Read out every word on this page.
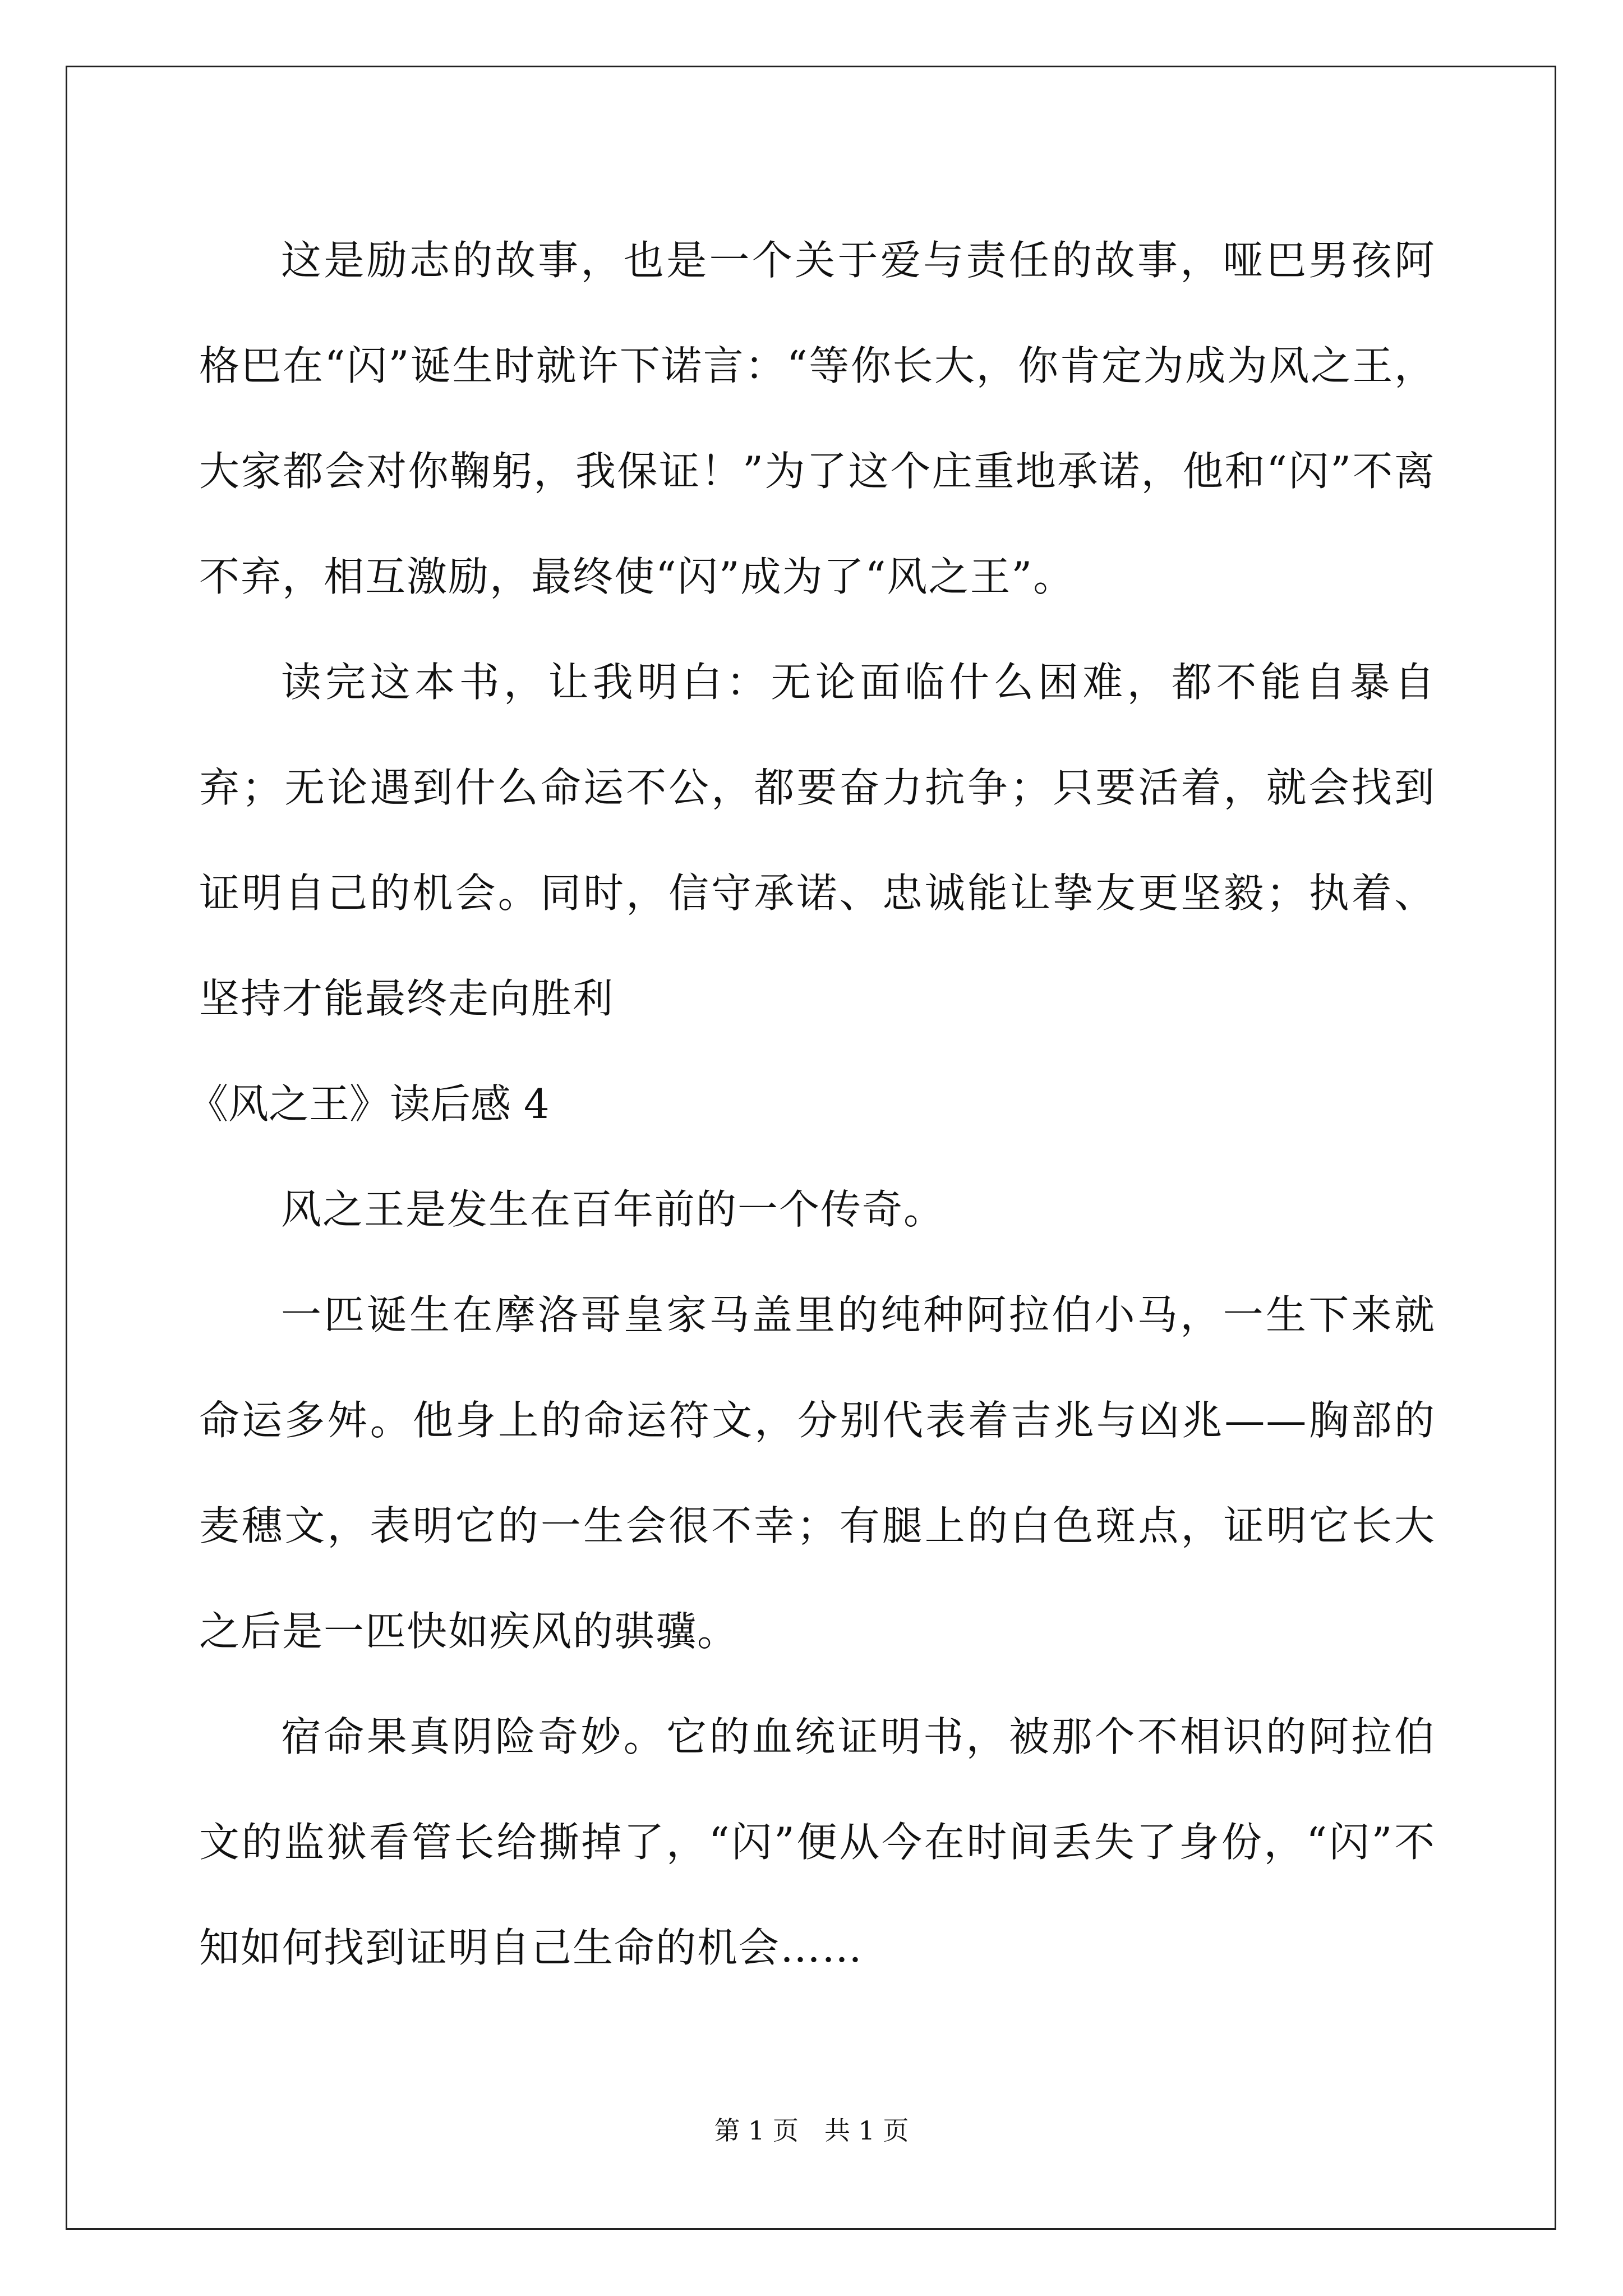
这是励志的故事，也是一个关于爱与责任的故事，哑巴男孩阿格巴在“闪”诞生时就许下诺言：“等你长大，你肯定为成为风之王，大家都会对你鞠躬，我保证！”为了这个庄重地承诺，他和“闪”不离不弃，相互激励，最终使“闪”成为了“风之王”。

读完这本书，让我明白：无论面临什么困难，都不能自暴自弃；无论遇到什么命运不公，都要奋力抗争；只要活着，就会找到证明自己的机会。同时，信守承诺、忠诚能让挚友更坚毅；执着、坚持才能最终走向胜利

《风之王》读后感 4

风之王是发生在百年前的一个传奇。

一匹诞生在摩洛哥皇家马盖里的纯种阿拉伯小马，一生下来就命运多舛。他身上的命运符文，分别代表着吉兆与凶兆——胸部的麦穗文，表明它的一生会很不幸；有腿上的白色斑点，证明它长大之后是一匹快如疾风的骐骥。

宿命果真阴险奇妙。它的血统证明书，被那个不相识的阿拉伯文的监狱看管长给撕掉了，“闪”便从今在时间丢失了身份，“闪”不知如何找到证明自己生命的机会……

第 1 页　共 1 页
